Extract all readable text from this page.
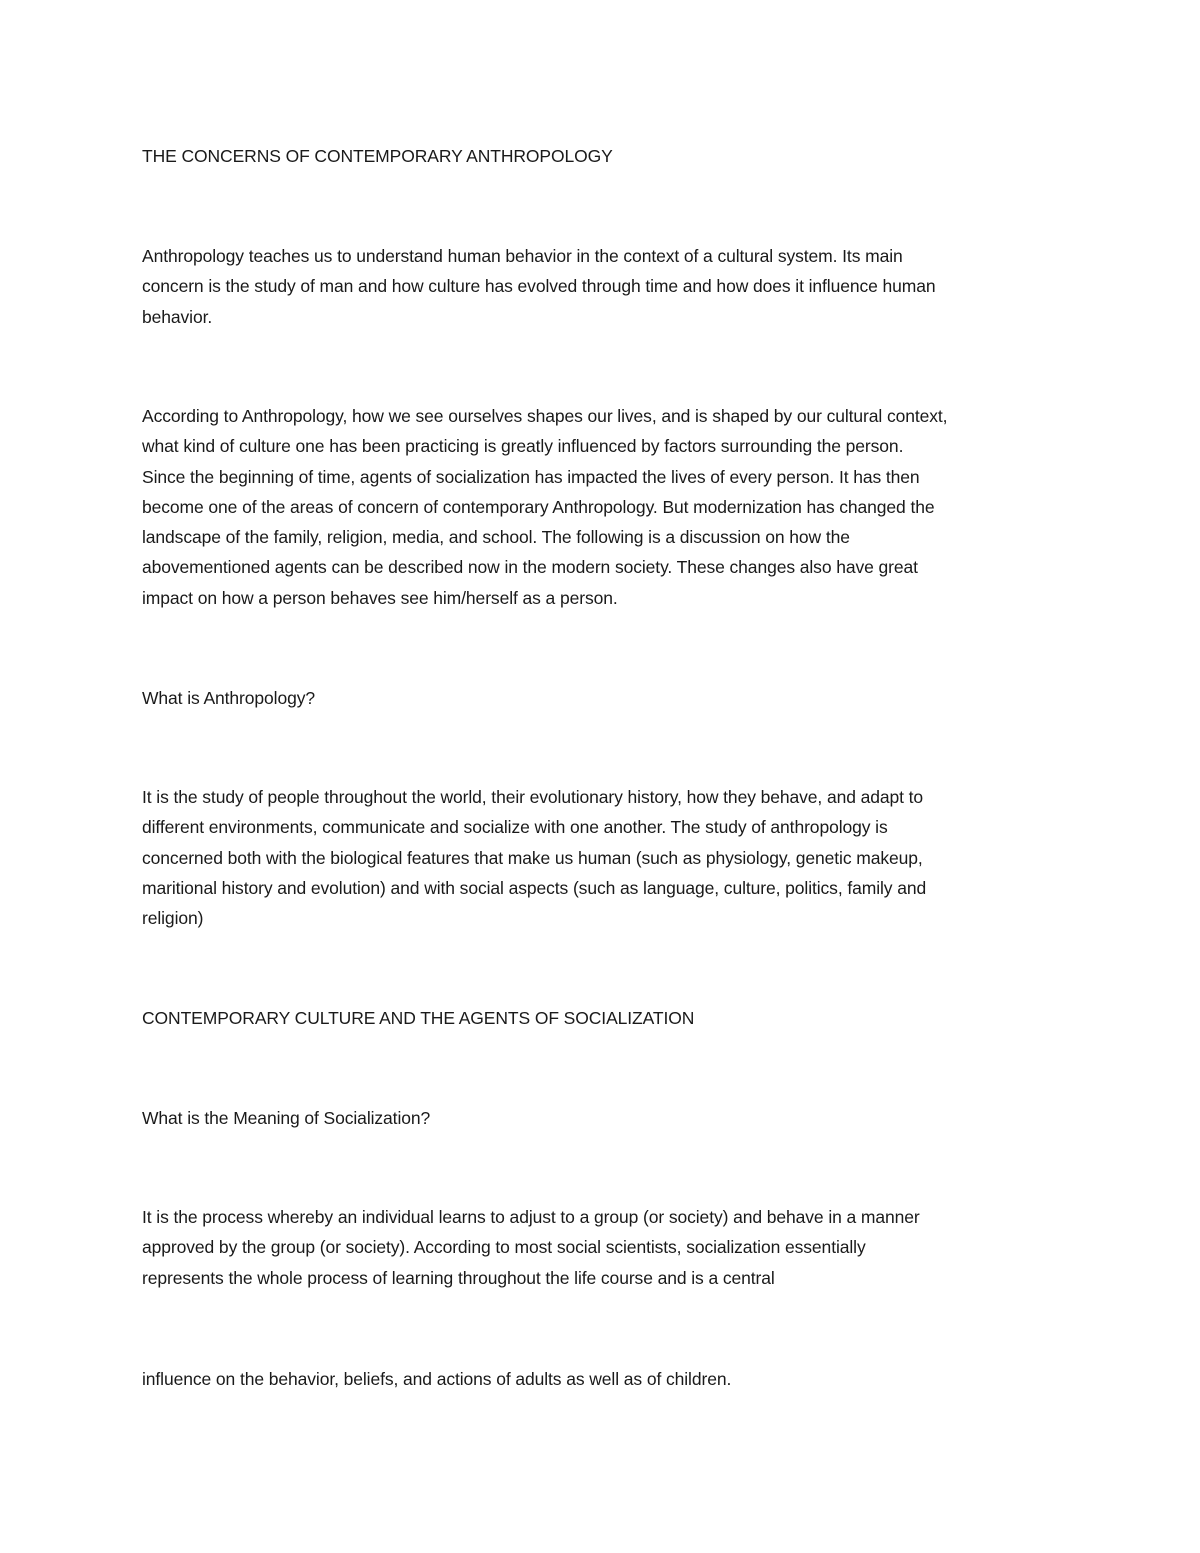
THE CONCERNS OF CONTEMPORARY ANTHROPOLOGY

Anthropology teaches us to understand human behavior in the context of a cultural system. Its main
concern is the study of man and how culture has evolved through time and how does it influence human
behavior.

According to Anthropology, how we see ourselves shapes our lives, and is shaped by our cultural context,
what kind of culture one has been practicing is greatly influenced by factors surrounding the person.
Since the beginning of time, agents of socialization has impacted the lives of every person. It has then
become one of the areas of concern of contemporary Anthropology. But modernization has changed the
landscape of the family, religion, media, and school. The following is a discussion on how the
abovementioned agents can be described now in the modern society. These changes also have great
impact on how a person behaves see him/herself as a person.

What is Anthropology?

It is the study of people throughout the world, their evolutionary history, how they behave, and adapt to
different environments, communicate and socialize with one another. The study of anthropology is
concerned both with the biological features that make us human (such as physiology, genetic makeup,
maritional history and evolution) and with social aspects (such as language, culture, politics, family and
religion)

CONTEMPORARY CULTURE AND THE AGENTS OF SOCIALIZATION

What is the Meaning of Socialization?

It is the process whereby an individual learns to adjust to a group (or society) and behave in a manner
approved by the group (or society). According to most social scientists, socialization essentially
represents the whole process of learning throughout the life course and is a central

influence on the behavior, beliefs, and actions of adults as well as of children.
